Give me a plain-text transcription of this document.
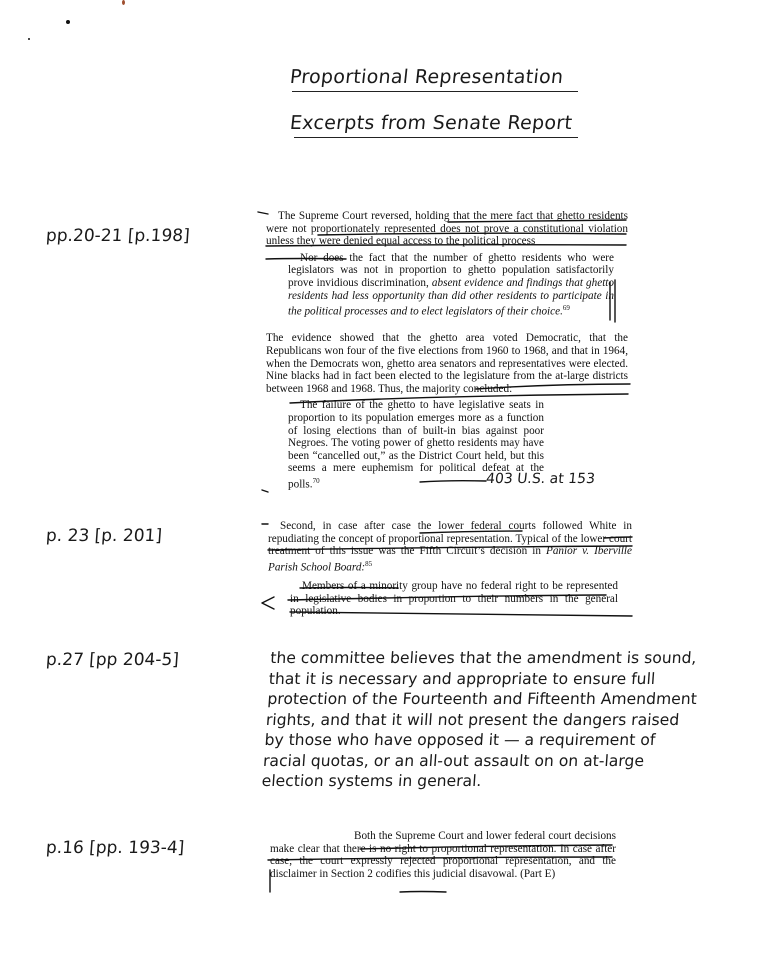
Proportional Representation
Excerpts from Senate Report
pp.20-21 [p.198]

The Supreme Court reversed, holding that the mere fact that ghetto residents were not proportionately represented does not prove a constitutional violation unless they were denied equal access to the political process

Nor does the fact that the number of ghetto residents who were legislators was not in proportion to ghetto population satisfactorily prove invidious discrimination, absent evidence and findings that ghetto residents had less opportunity than did other residents to participate in the political processes and to elect legislators of their choice.$^{69}$

The evidence showed that the ghetto area voted Democratic, that the Republicans won four of the five elections from 1960 to 1968, and that in 1964, when the Democrats won, ghetto area senators and representatives were elected. Nine blacks had in fact been elected to the legislature from the at-large districts between 1968 and 1968. Thus, the majority concluded:

The failure of the ghetto to have legislative seats in proportion to its population emerges more as a function of losing elections than of built-in bias against poor Negroes. The voting power of ghetto residents may have been “cancelled out,” as the District Court held, but this seems a mere euphemism for political defeat at the polls.$^{70}$	403 U.S. at 153
p. 23 [p. 201]	Second, in case after case the lower federal courts followed White in repudiating the concept of proportional representation. Typical of the lower court treatment of this issue was the Fifth Circuit’s decision in Panior v. Iberville Parish School Board:$^{85}$

Members of a minority group have no federal right to be represented in legislative bodies in proportion to their numbers in the general population.

p.27 [pp 204-5]	the committee believes that the amendment is sound, that it is necessary and appropriate to ensure full protection of the Fourteenth and Fifteenth Amendment rights, and that it will not present the dangers raised by those who have opposed it — a requirement of racial quotas, or an all-out assault on on at-large election systems in general.
p.16 [pp. 193-4]

Both the Supreme Court and lower federal court decisions make clear that there is no right to proportional representation. In case after case, the court expressly rejected proportional representation, and the disclaimer in Section 2 codifies this judicial disavowal. (Part E)
